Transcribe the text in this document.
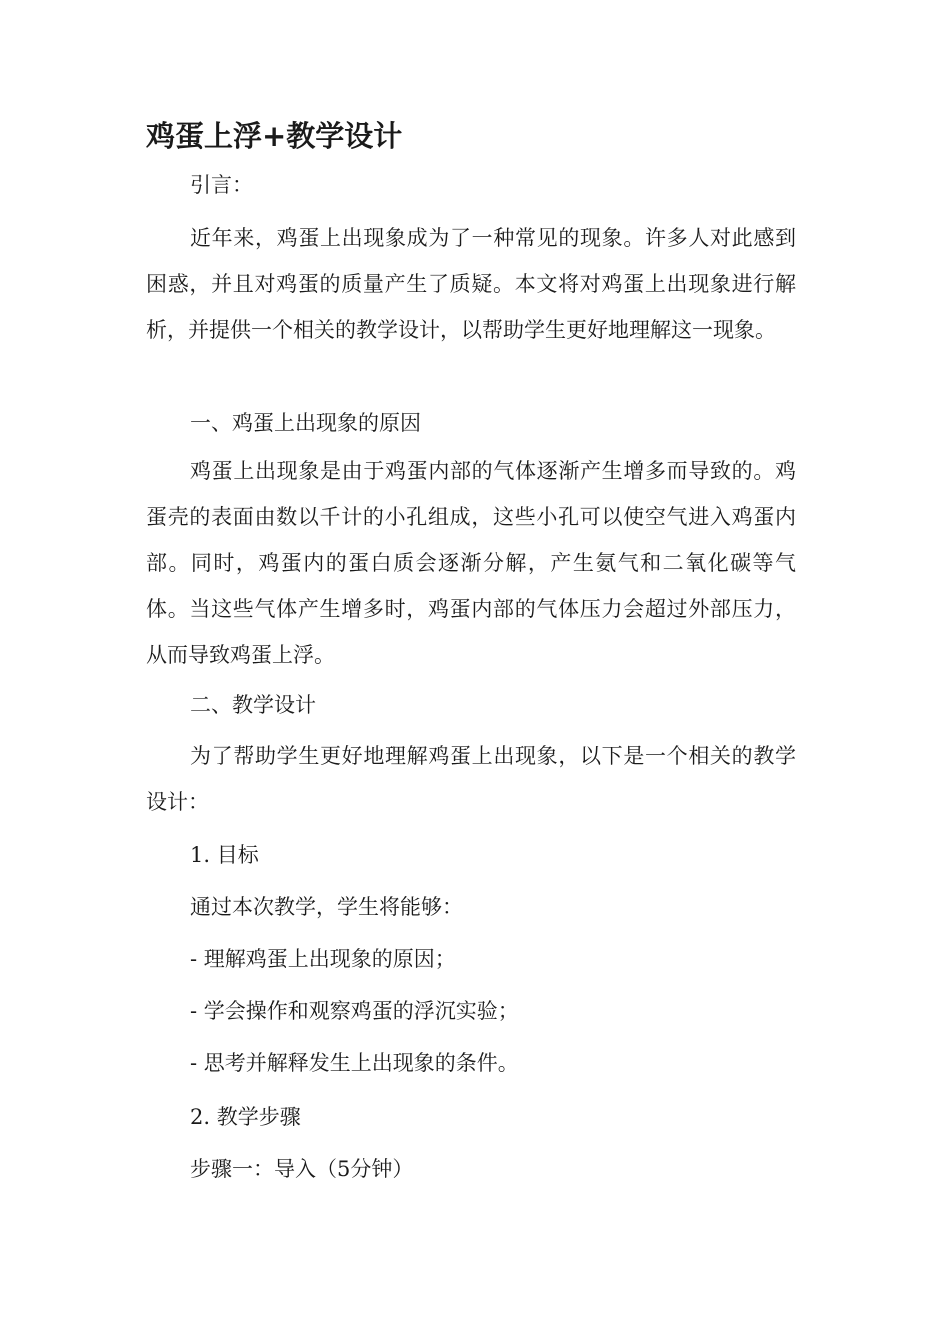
鸡蛋上浮+教学设计

引言：

近年来，鸡蛋上出现象成为了一种常见的现象。许多人对此感到困惑，并且对鸡蛋的质量产生了质疑。本文将对鸡蛋上出现象进行解析，并提供一个相关的教学设计，以帮助学生更好地理解这一现象。

一、鸡蛋上出现象的原因

鸡蛋上出现象是由于鸡蛋内部的气体逐渐产生增多而导致的。鸡蛋壳的表面由数以千计的小孔组成，这些小孔可以使空气进入鸡蛋内部。同时，鸡蛋内的蛋白质会逐渐分解，产生氨气和二氧化碳等气体。当这些气体产生增多时，鸡蛋内部的气体压力会超过外部压力，从而导致鸡蛋上浮。

二、教学设计

为了帮助学生更好地理解鸡蛋上出现象，以下是一个相关的教学设计：

1. 目标

通过本次教学，学生将能够：

- 理解鸡蛋上出现象的原因；

- 学会操作和观察鸡蛋的浮沉实验；

- 思考并解释发生上出现象的条件。

2. 教学步骤

步骤一：导入（5分钟）
